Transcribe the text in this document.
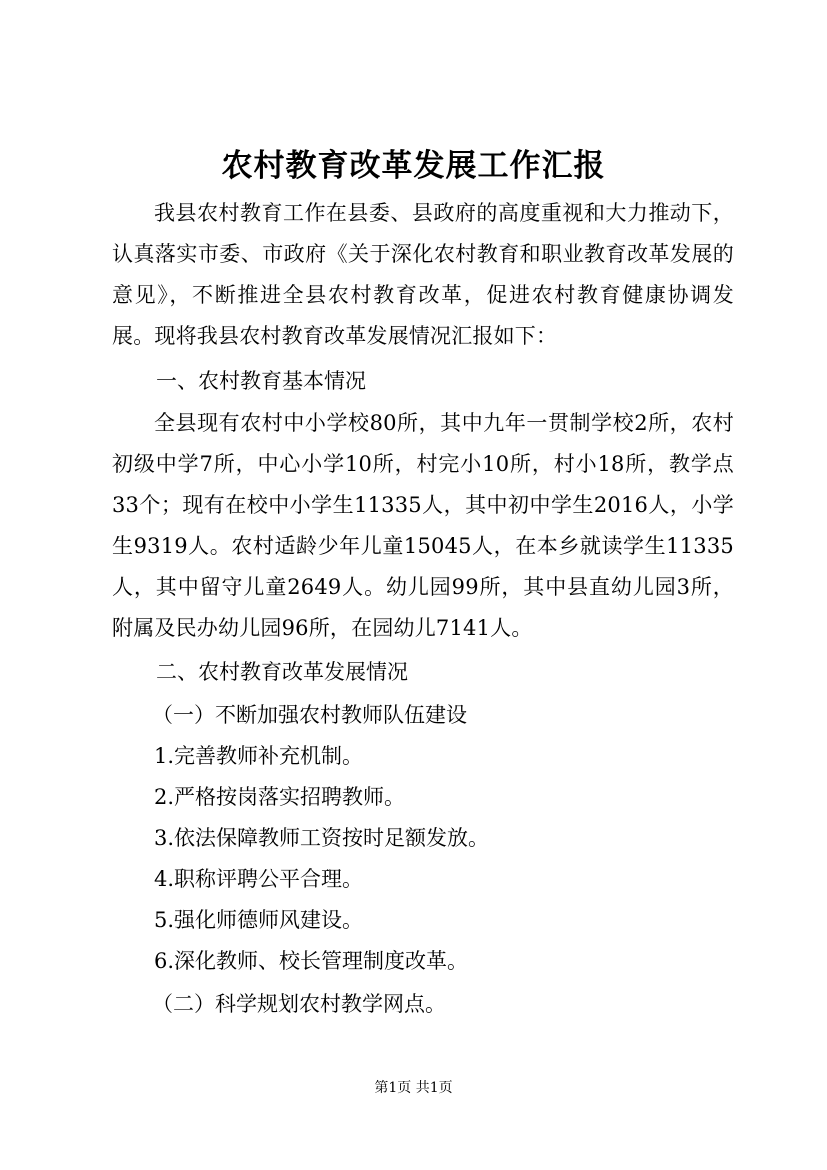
农村教育改革发展工作汇报

我县农村教育工作在县委、县政府的高度重视和大力推动下，认真落实市委、市政府《关于深化农村教育和职业教育改革发展的意见》，不断推进全县农村教育改革，促进农村教育健康协调发展。现将我县农村教育改革发展情况汇报如下：

一、农村教育基本情况

全县现有农村中小学校80所，其中九年一贯制学校2所，农村初级中学7所，中心小学10所，村完小10所，村小18所，教学点33个；现有在校中小学生11335人，其中初中学生2016人，小学生9319人。农村适龄少年儿童15045人，在本乡就读学生11335人，其中留守儿童2649人。幼儿园99所，其中县直幼儿园3所，附属及民办幼儿园96所，在园幼儿7141人。

二、农村教育改革发展情况

（一）不断加强农村教师队伍建设

1.完善教师补充机制。

2.严格按岗落实招聘教师。

3.依法保障教师工资按时足额发放。

4.职称评聘公平合理。

5.强化师德师风建设。

6.深化教师、校长管理制度改革。

（二）科学规划农村教学网点。

第1页 共1页
